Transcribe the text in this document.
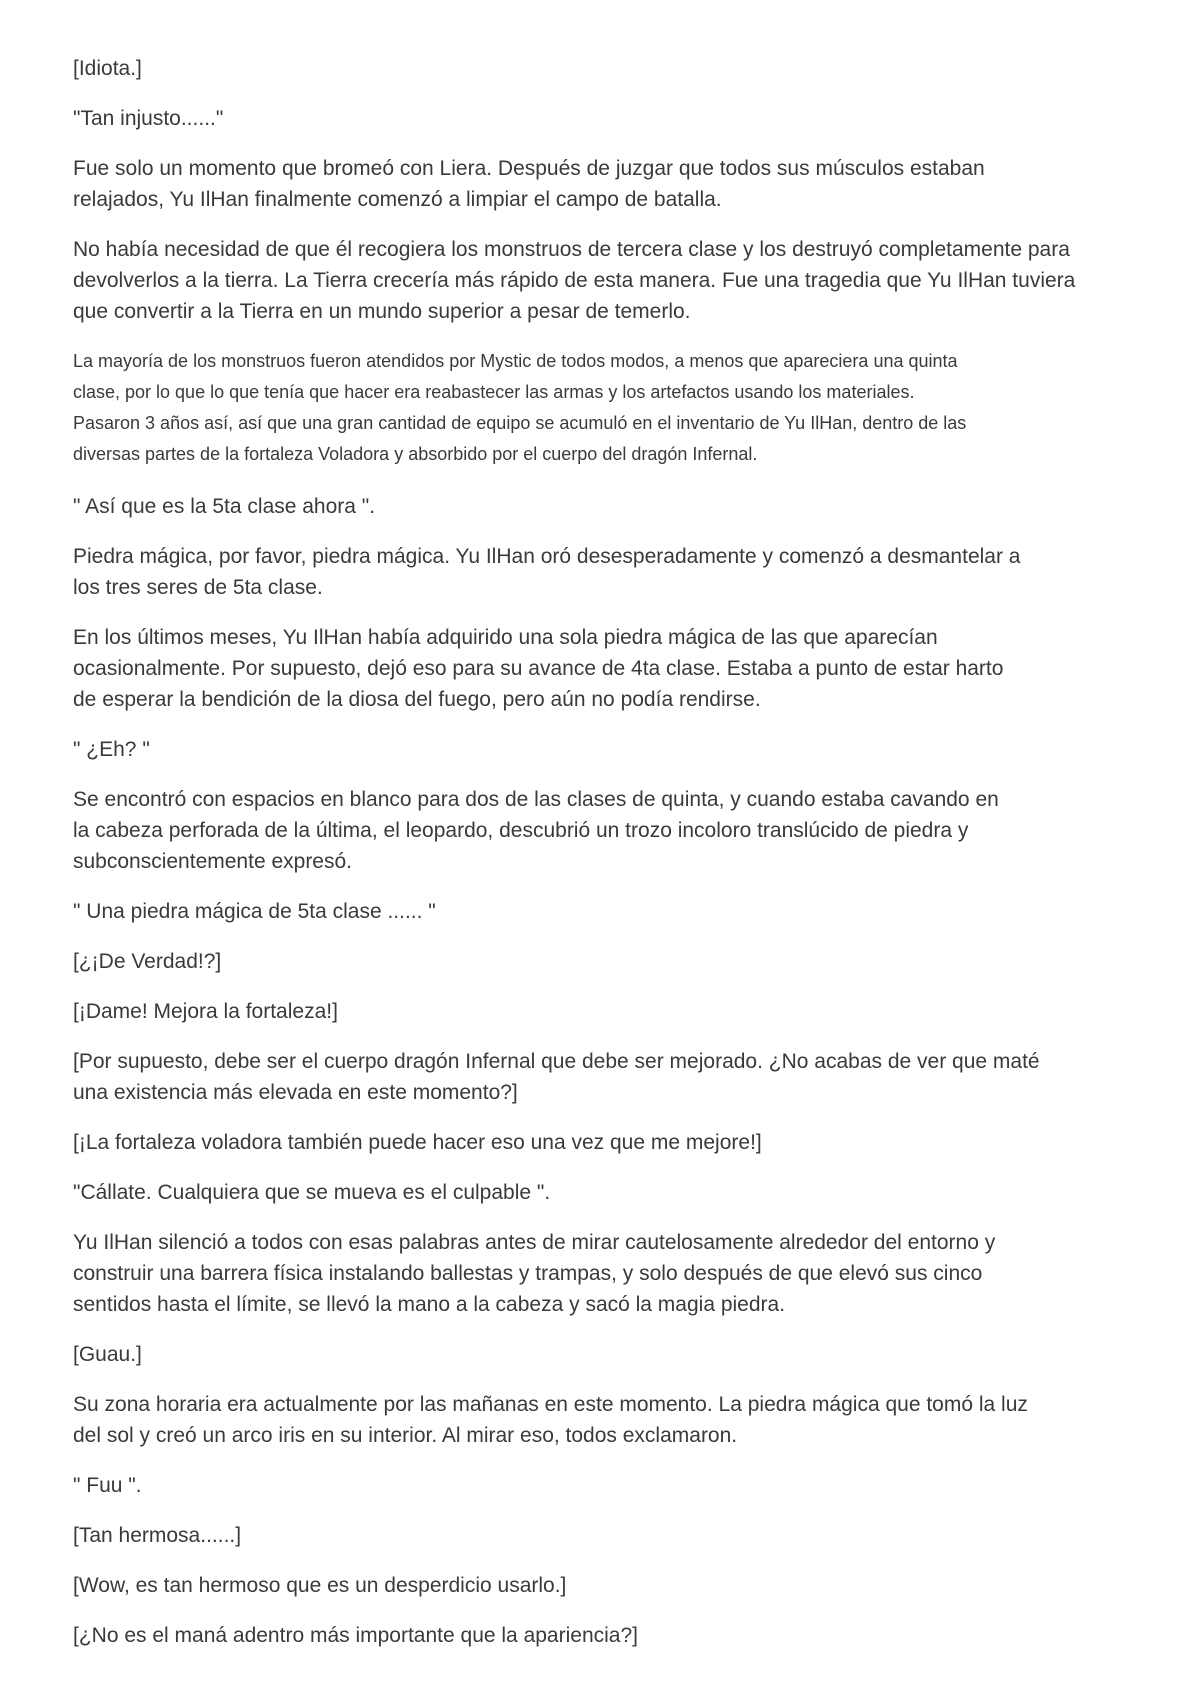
[Idiota.]
"Tan injusto......"
Fue solo un momento que bromeó con Liera. Después de juzgar que todos sus músculos estaban
relajados, Yu IlHan finalmente comenzó a limpiar el campo de batalla.
No había necesidad de que él recogiera los monstruos de tercera clase y los destruyó completamente para
devolverlos a la tierra. La Tierra crecería más rápido de esta manera. Fue una tragedia que Yu IlHan tuviera
que convertir a la Tierra en un mundo superior a pesar de temerlo.
La mayoría de los monstruos fueron atendidos por Mystic de todos modos, a menos que apareciera una quinta
clase, por lo que lo que tenía que hacer era reabastecer las armas y los artefactos usando los materiales.
Pasaron 3 años así, así que una gran cantidad de equipo se acumuló en el inventario de Yu IlHan, dentro de las
diversas partes de la fortaleza Voladora y absorbido por el cuerpo del dragón Infernal.
" Así que es la 5ta clase ahora ".
Piedra mágica, por favor, piedra mágica. Yu IlHan oró desesperadamente y comenzó a desmantelar a
los tres seres de 5ta clase.
En los últimos meses, Yu IlHan había adquirido una sola piedra mágica de las que aparecían
ocasionalmente. Por supuesto, dejó eso para su avance de 4ta clase. Estaba a punto de estar harto
de esperar la bendición de la diosa del fuego, pero aún no podía rendirse.
" ¿Eh? "
Se encontró con espacios en blanco para dos de las clases de quinta, y cuando estaba cavando en
la cabeza perforada de la última, el leopardo, descubrió un trozo incoloro translúcido de piedra y
subconscientemente expresó.
" Una piedra mágica de 5ta clase ...... "
[¿¡De Verdad!?]
[¡Dame! Mejora la fortaleza!]
[Por supuesto, debe ser el cuerpo dragón Infernal que debe ser mejorado. ¿No acabas de ver que maté
una existencia más elevada en este momento?]
[¡La fortaleza voladora también puede hacer eso una vez que me mejore!]
"Cállate. Cualquiera que se mueva es el culpable ".
Yu IlHan silenció a todos con esas palabras antes de mirar cautelosamente alrededor del entorno y
construir una barrera física instalando ballestas y trampas, y solo después de que elevó sus cinco
sentidos hasta el límite, se llevó la mano a la cabeza y sacó la magia piedra.
[Guau.]
Su zona horaria era actualmente por las mañanas en este momento. La piedra mágica que tomó la luz
del sol y creó un arco iris en su interior. Al mirar eso, todos exclamaron.
" Fuu ".
[Tan hermosa......]
[Wow, es tan hermoso que es un desperdicio usarlo.]
[¿No es el maná adentro más importante que la apariencia?]
